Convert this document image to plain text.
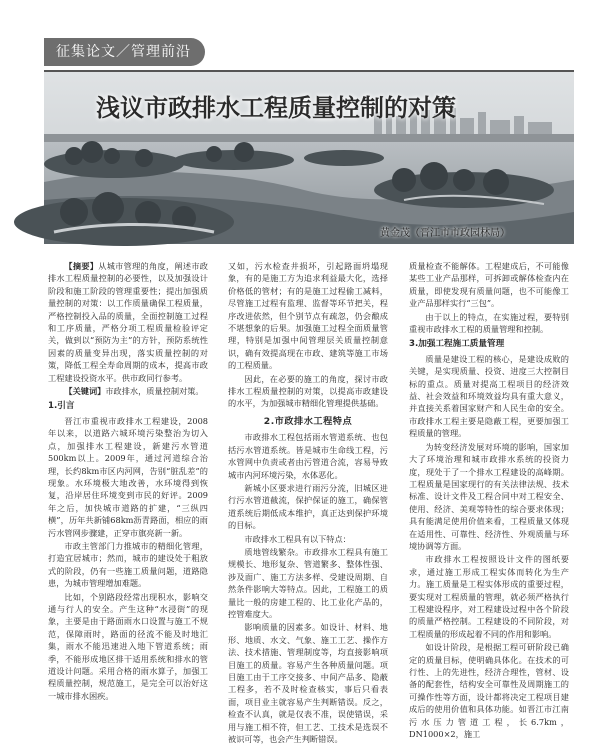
征集论文／管理前沿
浅议市政排水工程质量控制的对策
黄金茂（晋江市市政园林局）

【摘要】从城市管理的角度，阐述市政排水工程质量控制的必要性，以及加强设计阶段和施工阶段的管理重要性；提出加强质量控制的对策：以工作质量确保工程质量，严格控制投入品的质量，全面控制施工过程和工序质量，严格分项工程质量检验评定关，做到以“预防为主”的方针，预防系统性因素的质量变异出现，落实质量控制的对策，降低工程全寿命周期的成本，提高市政工程建设投资水平。供市政同行参考。

【关键词】市政排水，质量控制对策。

1.引言

晋江市重视市政排水工程建设，2008年以来，以道路六城环境污染整治为切入点，加强排水工程建设，新建污水管道500km以上。2009年，通过河道综合治理，长约8km市区内河网，告别“脏乱差”的现象。水环境极大地改善，水环境得到恢复，沿岸居住环境变到市民的好评。2009年之后，加快城市道路的扩建，“三纵四横”，历年共新铺68km沥青路面，相应的雨污水管网步骤建，正穿市旗亮新一新。

市政主管部门力推城市的精细化管理，打造宜居城市；然而，城市的建设处于粗放式的阶段，仍有一些施工质量问题，道路隐患，为城市管理增加难题。

比如，个别路段经常出现积水，影响交通与行人的安全。产生这种“水浸街”的现象，主要是由于路面雨水口设置与施工不规范，保障雨时，路面的径流不能及时地汇集，雨水不能迅速进入地下管道系统；雨季，不能形成地区排干适用系统和排水的管道设计问题。采用合格的雨水算子，加强工程质量控制，规范施工，是完全可以治好这一城市排水困疾。

又如，污水检查井损坏，引起路面坍塌现象，有的是施工方为追求利益最大化，选择价格低的管材；有的是施工过程偷工减料，尽管施工过程有监理、监督等环节把关，程序改进依然，但个别节点有疏忽，仍会酿成不堪想象的后果。加强施工过程全面质量管理，特别是加强中间管理层关质量控制意识，确有效提高现在市政、建筑等施工市场的工程质量。

因此，在必要的施工的角度，探讨市政排水工程质量控制的对策，以提高市政建设的水平，为加强城市精细化管理提供基础。

2.市政排水工程特点

市政排水工程包括雨水管道系统、也包括污水管道系统。皆是城市生命线工程，污水管网中负责或者由污管道合流，容易导致城市内河环境污染，水体恶化。

新城小区要求进行雨污分流，旧城区进行污水管道截流，保护保证的施工，确保管道系统后期低成本维护，真正达到保护环境的目标。

市政排水工程具有以下特点：

质地管线繁杂。市政排水工程具有施工规模长、地形复杂、管道繁多、整体性强、涉及面广、施工方法多样、受建设周期、自然条件影响大等特点。因此，工程施工的质量比一般的房建工程的、比工业化产品的，控管难度大。

影响质量的因素多。如设计、材料、地形、地质、水文、气象、施工工艺、操作方法、技术措施、管理制度等，均直接影响项目施工的质量。容易产生各种质量问题。项目施工由于工序交接多、中间产品多、隐蔽工程多，若不及时检查核实，事后只看表面，项目业主就容易产生判断错误。反之，检查不认真，就是仅表不准，误使错误，采用与施工相不符，但工艺、工技术是选误不被识可等，也会产生判断错误。

质量检查不能解体。工程建成后，不可能像某些工业产品那样，可拆卸或解体检查内在质量，即使发现有质量问题，也不可能像工业产品那样实行“三包”。

由于以上的特点，在实施过程，要特别重视市政排水工程的质量管理和控制。

3.加强工程施工质量管理

质量是建设工程的核心，是建设成败的关键，是实现质量、投资、进度三大控制目标的重点。质量对提高工程项目的经济效益、社会效益和环境效益均具有重大意义，并直接关系着国家财产和人民生命的安全。市政排水工程主要是隐蔽工程，更要加强工程质量的管理。

为转变经济发展对环境的影响，国家加大了环境治理和城市政排水系统的投资力度，现处于了一个排水工程建设的高峰期。工程质量是国家现行的有关法律法规、技术标准、设计文件及工程合同中对工程安全、使用、经济、美观等特性的综合要求体现；具有能满足使用价值来看，工程质量又体现在适用性、可靠性、经济性、外观质量与环境协调等方面。

市政排水工程按照设计文件的图纸要求，通过施工形成工程实体而转化为生产力。施工质量是工程实体形成的重要过程，要实现对工程质量的管理，就必须严格执行工程建设程序，对工程建设过程中各个阶段的质量严格控制。工程建设的不同阶段，对工程质量的形成起着不同的作用和影响。

如设计阶段，是根据工程可研阶段已确定的质量目标，使明确具体化。在技术的可行性、上的先进性，经济合理性，管材、设备的配套性，结构安全可靠性及周期施工的可操作性等方面，设计都将决定工程项目建成后的使用价值和具体功能。如晋江市江南污水压力管道工程，长6.7km，DN1000×2，施工
